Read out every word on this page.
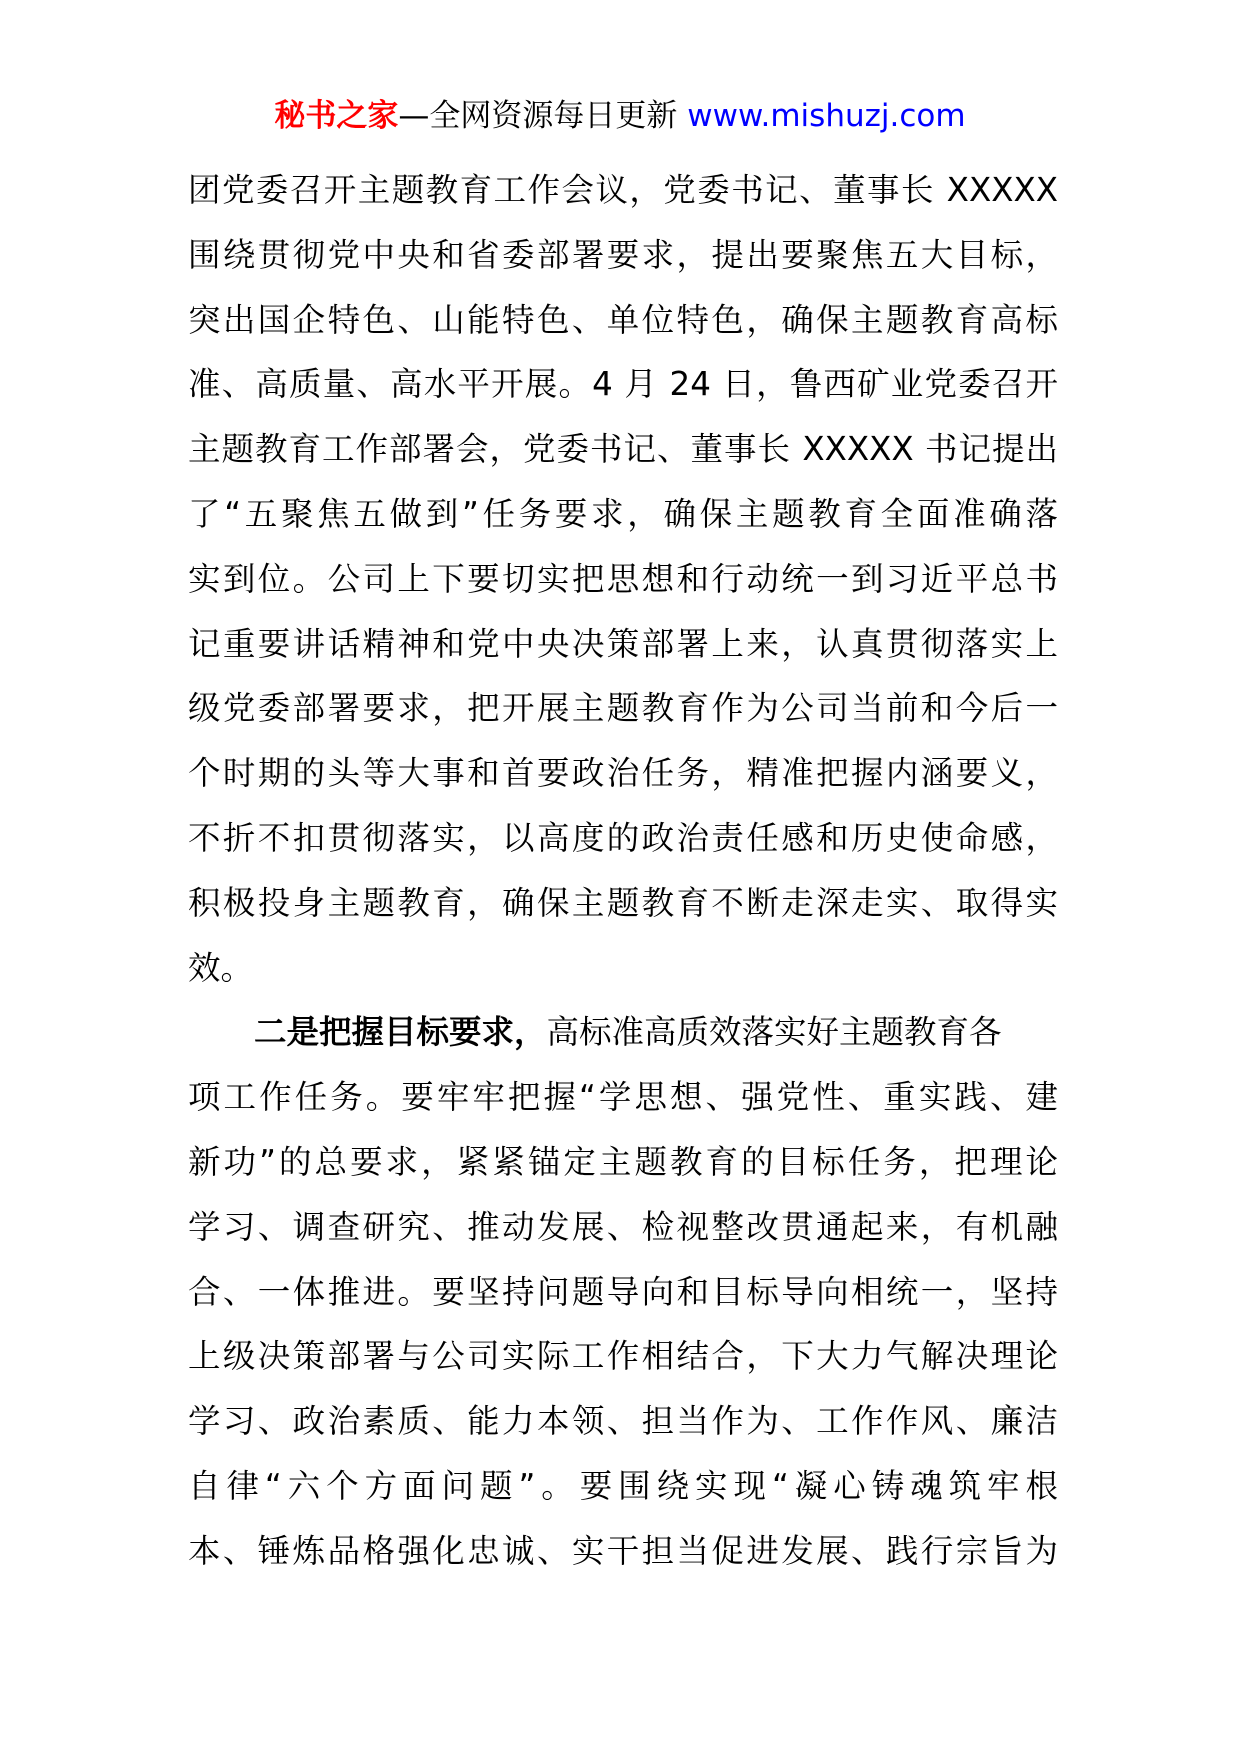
秘书之家—全网资源每日更新 www.mishuzj.com
团党委召开主题教育工作会议，党委书记、董事长 XXXXX
围绕贯彻党中央和省委部署要求，提出要聚焦五大目标，
突出国企特色、山能特色、单位特色，确保主题教育高标
准、高质量、高水平开展。4 月 24 日，鲁西矿业党委召开
主题教育工作部署会，党委书记、董事长 XXXXX 书记提出
了“五聚焦五做到”任务要求，确保主题教育全面准确落
实到位。公司上下要切实把思想和行动统一到习近平总书
记重要讲话精神和党中央决策部署上来，认真贯彻落实上
级党委部署要求，把开展主题教育作为公司当前和今后一
个时期的头等大事和首要政治任务，精准把握内涵要义，
不折不扣贯彻落实，以高度的政治责任感和历史使命感，
积极投身主题教育，确保主题教育不断走深走实、取得实
效。
二是把握目标要求，高标准高质效落实好主题教育各
项工作任务。要牢牢把握“学思想、强党性、重实践、建
新功”的总要求，紧紧锚定主题教育的目标任务，把理论
学习、调查研究、推动发展、检视整改贯通起来，有机融
合、一体推进。要坚持问题导向和目标导向相统一，坚持
上级决策部署与公司实际工作相结合，下大力气解决理论
学习、政治素质、能力本领、担当作为、工作作风、廉洁
自律“六个方面问题”。要围绕实现“凝心铸魂筑牢根
本、锤炼品格强化忠诚、实干担当促进发展、践行宗旨为
